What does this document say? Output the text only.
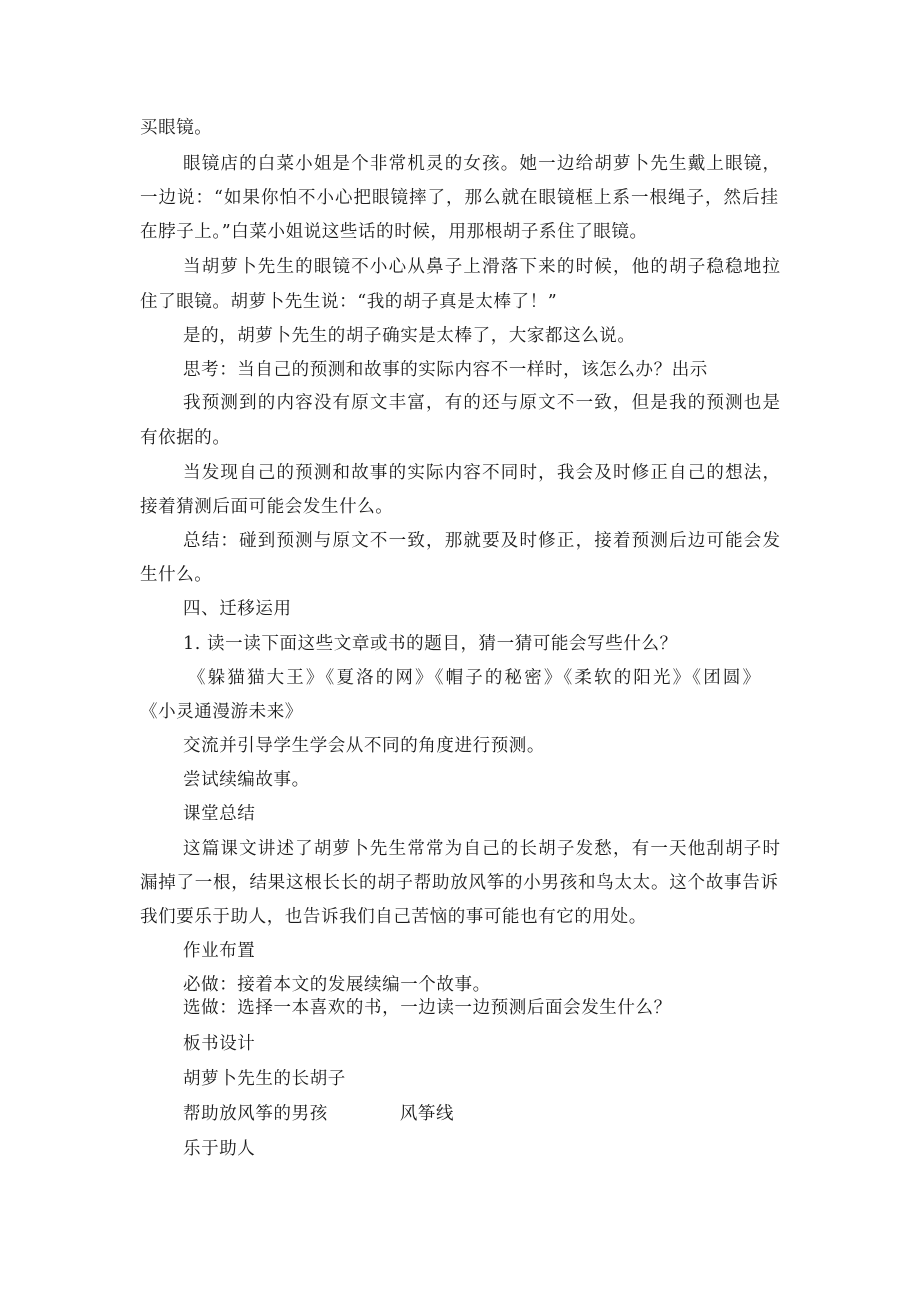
买眼镜。
眼镜店的白菜小姐是个非常机灵的女孩。她一边给胡萝卜先生戴上眼镜，
一边说：“如果你怕不小心把眼镜摔了，那么就在眼镜框上系一根绳子，然后挂
在脖子上。”白菜小姐说这些话的时候，用那根胡子系住了眼镜。
当胡萝卜先生的眼镜不小心从鼻子上滑落下来的时候，他的胡子稳稳地拉
住了眼镜。胡萝卜先生说：“我的胡子真是太棒了！”
是的，胡萝卜先生的胡子确实是太棒了，大家都这么说。
思考：当自己的预测和故事的实际内容不一样时，该怎么办？出示
我预测到的内容没有原文丰富，有的还与原文不一致，但是我的预测也是
有依据的。
当发现自己的预测和故事的实际内容不同时，我会及时修正自己的想法，
接着猜测后面可能会发生什么。
总结：碰到预测与原文不一致，那就要及时修正，接着预测后边可能会发
生什么。
四、迁移运用
1. 读一读下面这些文章或书的题目，猜一猜可能会写些什么？
《躲猫猫大王》《夏洛的网》《帽子的秘密》《柔软的阳光》《团圆》
《小灵通漫游未来》
交流并引导学生学会从不同的角度进行预测。
尝试续编故事。
课堂总结
这篇课文讲述了胡萝卜先生常常为自己的长胡子发愁，有一天他刮胡子时
漏掉了一根，结果这根长长的胡子帮助放风筝的小男孩和鸟太太。这个故事告诉
我们要乐于助人，也告诉我们自己苦恼的事可能也有它的用处。
作业布置
必做：接着本文的发展续编一个故事。
选做：选择一本喜欢的书，一边读一边预测后面会发生什么？
板书设计
胡萝卜先生的长胡子
帮助放风筝的男孩	风筝线
乐于助人
